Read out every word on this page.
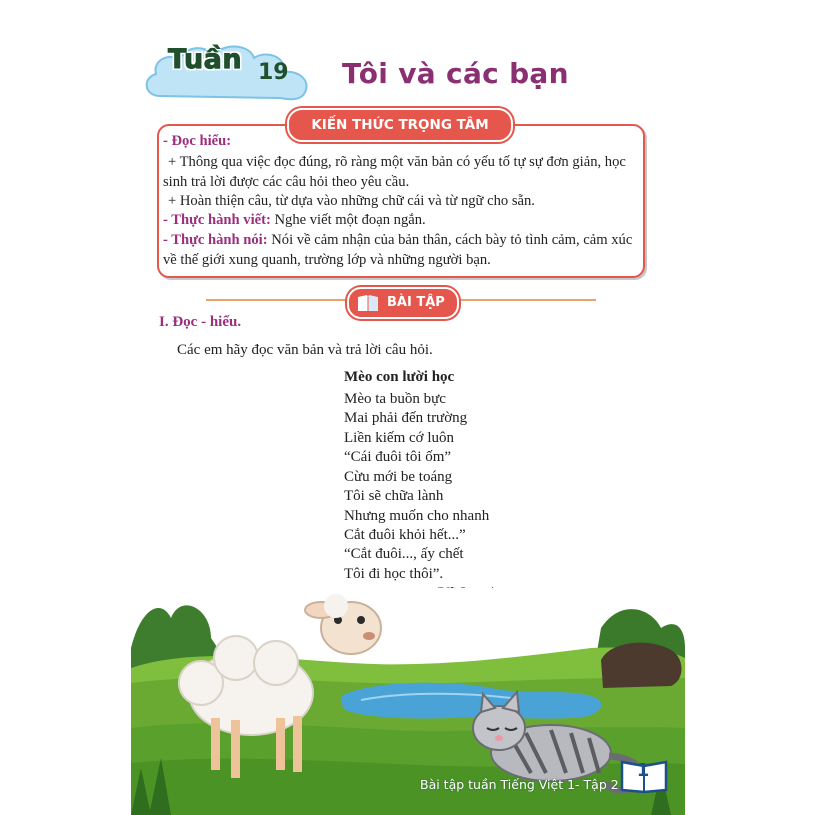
Tuần 19 Tôi và các bạn
KIẾN THỨC TRỌNG TÂM
- Đọc hiểu:
+ Thông qua việc đọc đúng, rõ ràng một văn bản có yếu tố tự sự đơn giản, học
sinh trả lời được các câu hỏi theo yêu cầu.
+ Hoàn thiện câu, từ dựa vào những chữ cái và từ ngữ cho sẵn.
- Thực hành viết: Nghe viết một đoạn ngắn.
- Thực hành nói: Nói về cảm nhận của bản thân, cách bày tỏ tình cảm, cảm xúc
về thế giới xung quanh, trường lớp và những người bạn.
BÀI TẬP
I. Đọc - hiểu.
Các em hãy đọc văn bản và trả lời câu hỏi.
Mèo con lười học
Mèo ta buồn bực
Mai phải đến trường
Liền kiếm cớ luôn
“Cái đuôi tôi ốm”
Cừu mới be toáng
Tôi sẽ chữa lành
Nhưng muốn cho nhanh
Cắt đuôi khỏi hết...”
“Cắt đuôi..., ấy chết
Tôi đi học thôi”.
Bài tập tuần Tiếng Việt 1- Tập 2
1
